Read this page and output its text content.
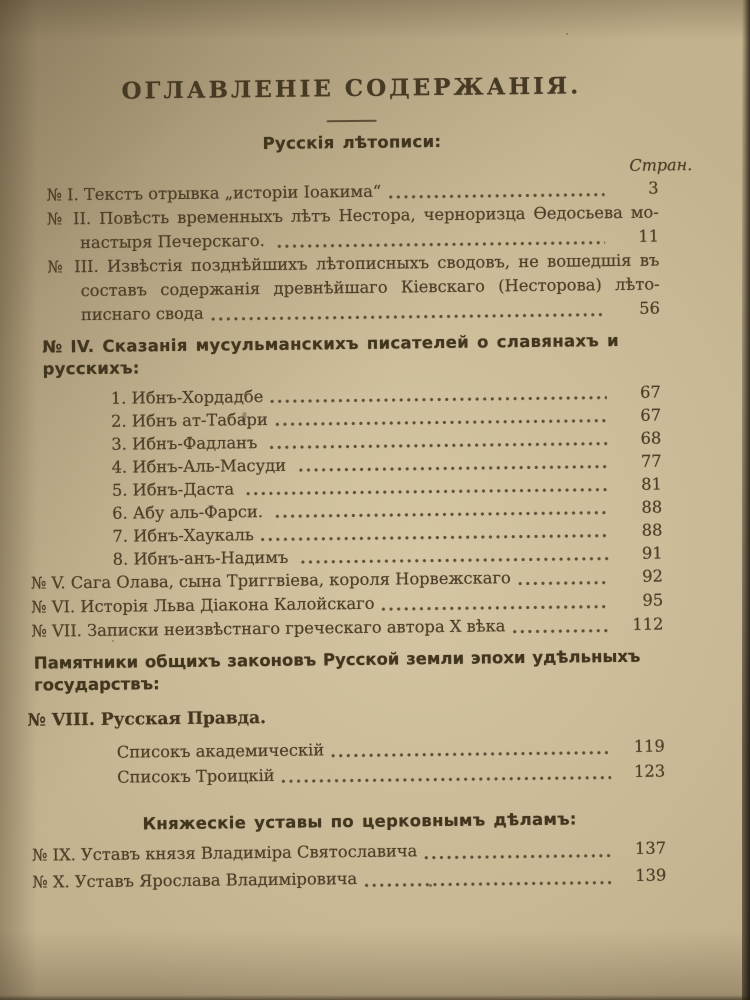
ОГЛАВЛЕНІЕ СОДЕРЖАНІЯ.
Русскія лѣтописи:
Стран.
№ I. Текстъ отрывка „исторіи Іоакима“	3
№ II. Повѣсть временныхъ лѣтъ Нестора, черноризца Ѳедосьева мо-
настыря Печерскаго.	11
№ III. Извѣстія позднѣйшихъ лѣтописныхъ сводовъ, не вошедшія въ
составъ содержанія древнѣйшаго Кіевскаго (Несторова) лѣто-
писнаго свода	56
№ IV. Сказанія мусульманскихъ писателей о славянахъ и русскихъ:
1. Ибнъ-Хордадбе	67
2. Ибнъ ат-Табари	67
3. Ибнъ-Фадланъ	68
4. Ибнъ-Аль-Масуди	77
5. Ибнъ-Даста	81
6. Абу аль-Фарси.	88
7. Ибнъ-Хаукаль	88
8. Ибнъ-анъ-Надимъ	91
№ V. Сага Олава, сына Триггвіева, короля Норвежскаго	92
№ VI. Исторія Льва Діакона Калойскаго	95
№ VII. Записки неизвѣстнаго греческаго автора X вѣка	112
Памятники общихъ законовъ Русской земли эпохи удѣльныхъ государствъ:
№ VIII. Русская Правда.
Списокъ академическій	119
Списокъ Троицкій	123
Княжескіе уставы по церковнымъ дѣламъ:
№ IX. Уставъ князя Владиміра Святославича	137
№ X. Уставъ Ярослава Владиміровича	139
